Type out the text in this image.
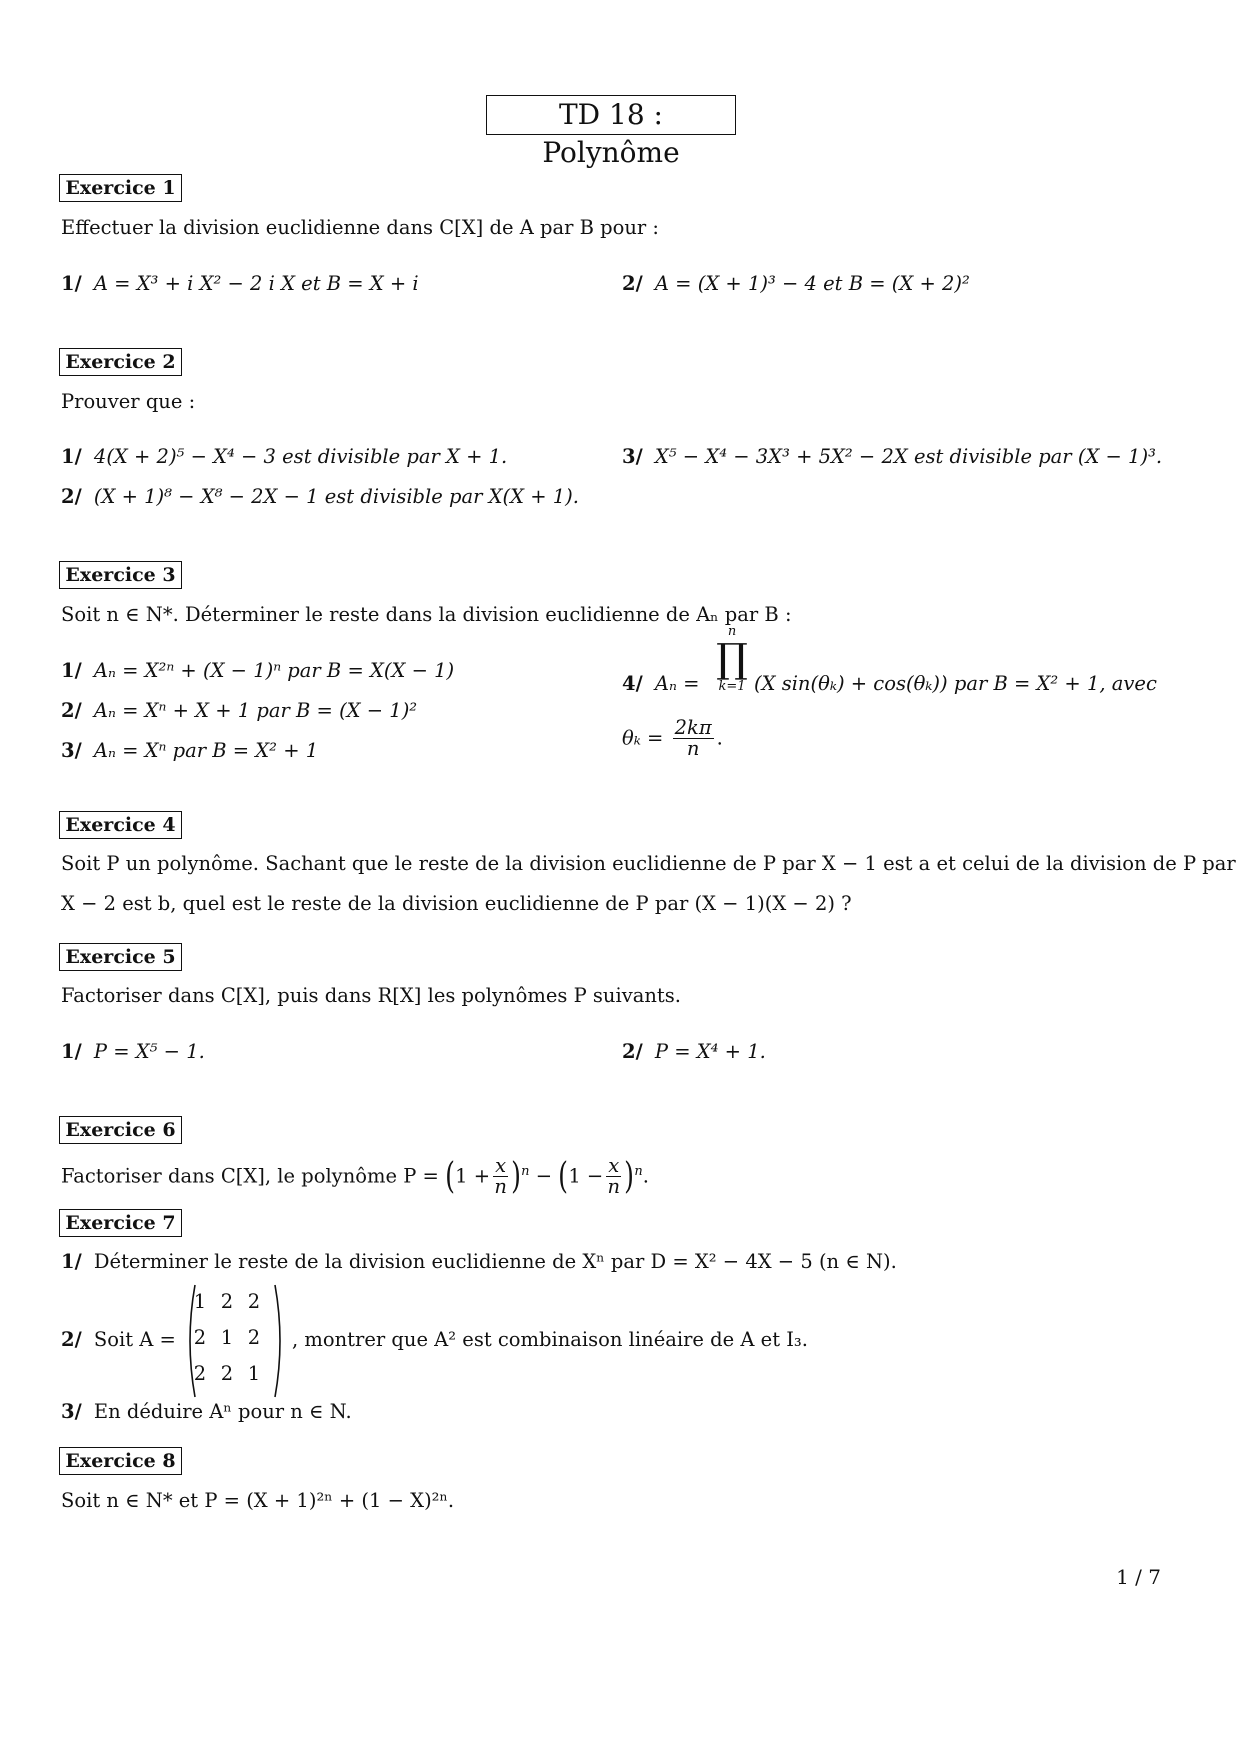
TD 18 : Polynôme
Exercice 1
Effectuer la division euclidienne dans C[X] de A par B pour :
1/ A = X³ + i X² − 2 i X et B = X + i	2/ A = (X + 1)³ − 4 et B = (X + 2)²
Exercice 2
Prouver que :
1/ 4(X + 2)⁵ − X⁴ − 3 est divisible par X + 1.
2/ (X + 1)⁸ − X⁸ − 2X − 1 est divisible par X(X + 1).
3/ X⁵ − X⁴ − 3X³ + 5X² − 2X est divisible par (X − 1)³.
Exercice 3
Soit n ∈ N*. Déterminer le reste dans la division euclidienne de Aₙ par B :
1/ Aₙ = X²ⁿ + (X − 1)ⁿ par B = X(X − 1)
2/ Aₙ = Xⁿ + X + 1 par B = (X − 1)²
3/ Aₙ = Xⁿ par B = X² + 1
4/ Aₙ =
n
∏
k=1 (X sin(θₖ) + cos(θₖ)) par B = X² + 1, avec
$\theta_k = \frac{2k\pi}{n}$ .
Exercice 4
Soit P un polynôme. Sachant que le reste de la division euclidienne de P par X − 1 est a et celui de la division de P par
X − 2 est b, quel est le reste de la division euclidienne de P par (X − 1)(X − 2) ?
Exercice 5
Factoriser dans C[X], puis dans R[X] les polynômes P suivants.
1/ P = X⁵ − 1.	2/ P = X⁴ + 1.
Exercice 6
Factoriser dans C[X], le polynôme $P = (1 + \frac{x}{n} )^n - (1 - \frac{x}{n} )^n$.
Exercice 7
1/ Déterminer le reste de la division euclidienne de Xⁿ par D = X² − 4X − 5 (n ∈ N).
2/ Soit A =
1 2 2
2 1 2
2 2 1
, montrer que A² est combinaison linéaire de A et I₃.
3/ En déduire Aⁿ pour n ∈ N.
Exercice 8
Soit n ∈ N* et P = (X + 1)²ⁿ + (1 − X)²ⁿ.
1 / 7
